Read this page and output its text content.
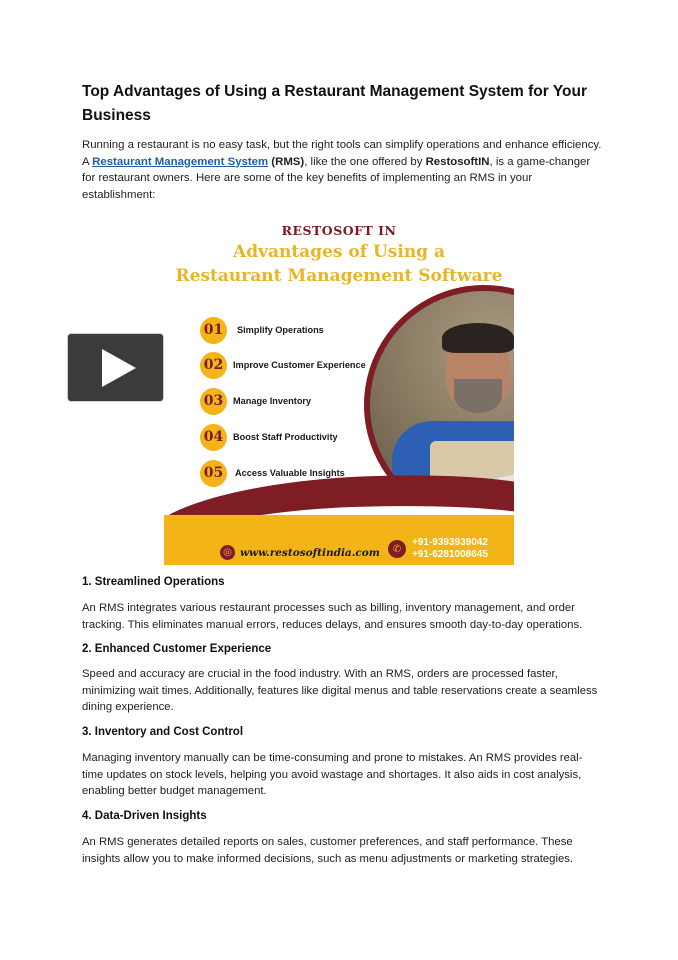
Top Advantages of Using a Restaurant Management System for Your Business
Running a restaurant is no easy task, but the right tools can simplify operations and enhance efficiency. A Restaurant Management System (RMS), like the one offered by RestosoftIN, is a game-changer for restaurant owners. Here are some of the key benefits of implementing an RMS in your establishment:
RESTOSOFT IN
Advantages of Using a
Restaurant Management Software
01	Simplify Operations
02	Improve Customer Experience
03	Manage Inventory
04	Boost Staff Productivity
05	Access Valuable Insights
◎ www.restosoftindia.com	✆
+91-9393939042
+91-6281008645
1. Streamlined Operations
An RMS integrates various restaurant processes such as billing, inventory management, and order tracking. This eliminates manual errors, reduces delays, and ensures smooth day-to-day operations.
2. Enhanced Customer Experience
Speed and accuracy are crucial in the food industry. With an RMS, orders are processed faster, minimizing wait times. Additionally, features like digital menus and table reservations create a seamless dining experience.
3. Inventory and Cost Control
Managing inventory manually can be time-consuming and prone to mistakes. An RMS provides real-time updates on stock levels, helping you avoid wastage and shortages. It also aids in cost analysis, enabling better budget management.
4. Data-Driven Insights
An RMS generates detailed reports on sales, customer preferences, and staff performance. These insights allow you to make informed decisions, such as menu adjustments or marketing strategies.
